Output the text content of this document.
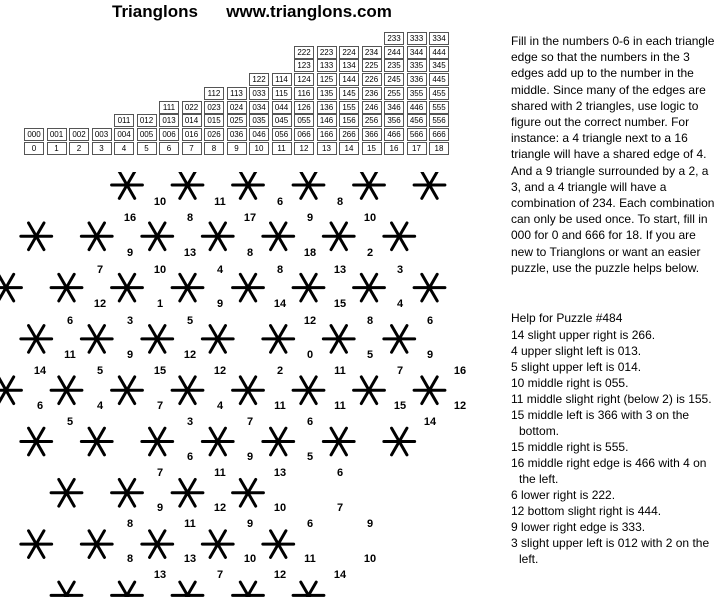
Trianglons      www.trianglons.com
233	333	334
222	223	224	234	244	344	444
123	133	134	225	235	335	345
122	114	124	125	144	226	245	336	445
112	113	033	115	116	135	145	236	255	355	455
111	022	023	024	034	044	126	136	155	246	346	446	555
011	012	013	014	015	025	035	045	055	146	156	256	356	456	556
000	001	002	003	004	005	006	016	026	036	046	056	066	166	266	366	466	566	666
0	1	2	3	4	5	6	7	8	9	10	11	12	13	14	15	16	17	18
10	11	6	8
16	8	17	9	10
9	13	8	18	2
7	10	4	8	13	3
12	1	9	14	15	4
6	3	5	12	8	6
11	9	12	0	5	9
14	5	15	12	2	11	7	16
6	4	7	4	11	11	15	12
5	3	7	6	14
6	9	5
7	11	13	6
9	12	10	7
8	11	9	6	9
8	13	10	11	10
13	7	12	14
Fill in the numbers 0-6 in each triangle edge so that the numbers in the 3 edges add up to the number in the middle. Since many of the edges are shared with 2 triangles, use logic to figure out the correct number. For instance: a 4 triangle next to a 16 triangle will have a shared edge of 4. And a 9 triangle surrounded by a 2, a 3, and a 4 triangle will have a combination of 234. Each combination can only be used once. To start, fill in 000 for 0 and 666 for 18. If you are new to Trianglons or want an easier puzzle, use the puzzle helps below.
Help for Puzzle #484
14 slight upper right is 266.
4 upper slight left is 013.
5 slight upper left is 014.
10 middle right is 055.
11 middle slight right (below 2) is 155.
15 middle left is 366 with 3 on the bottom.
15 middle right is 555.
16 middle right edge is 466 with 4 on the left.
6 lower right is 222.
12 bottom slight right is 444.
9 lower right edge is 333.
3 slight upper left is 012 with 2 on the left.
